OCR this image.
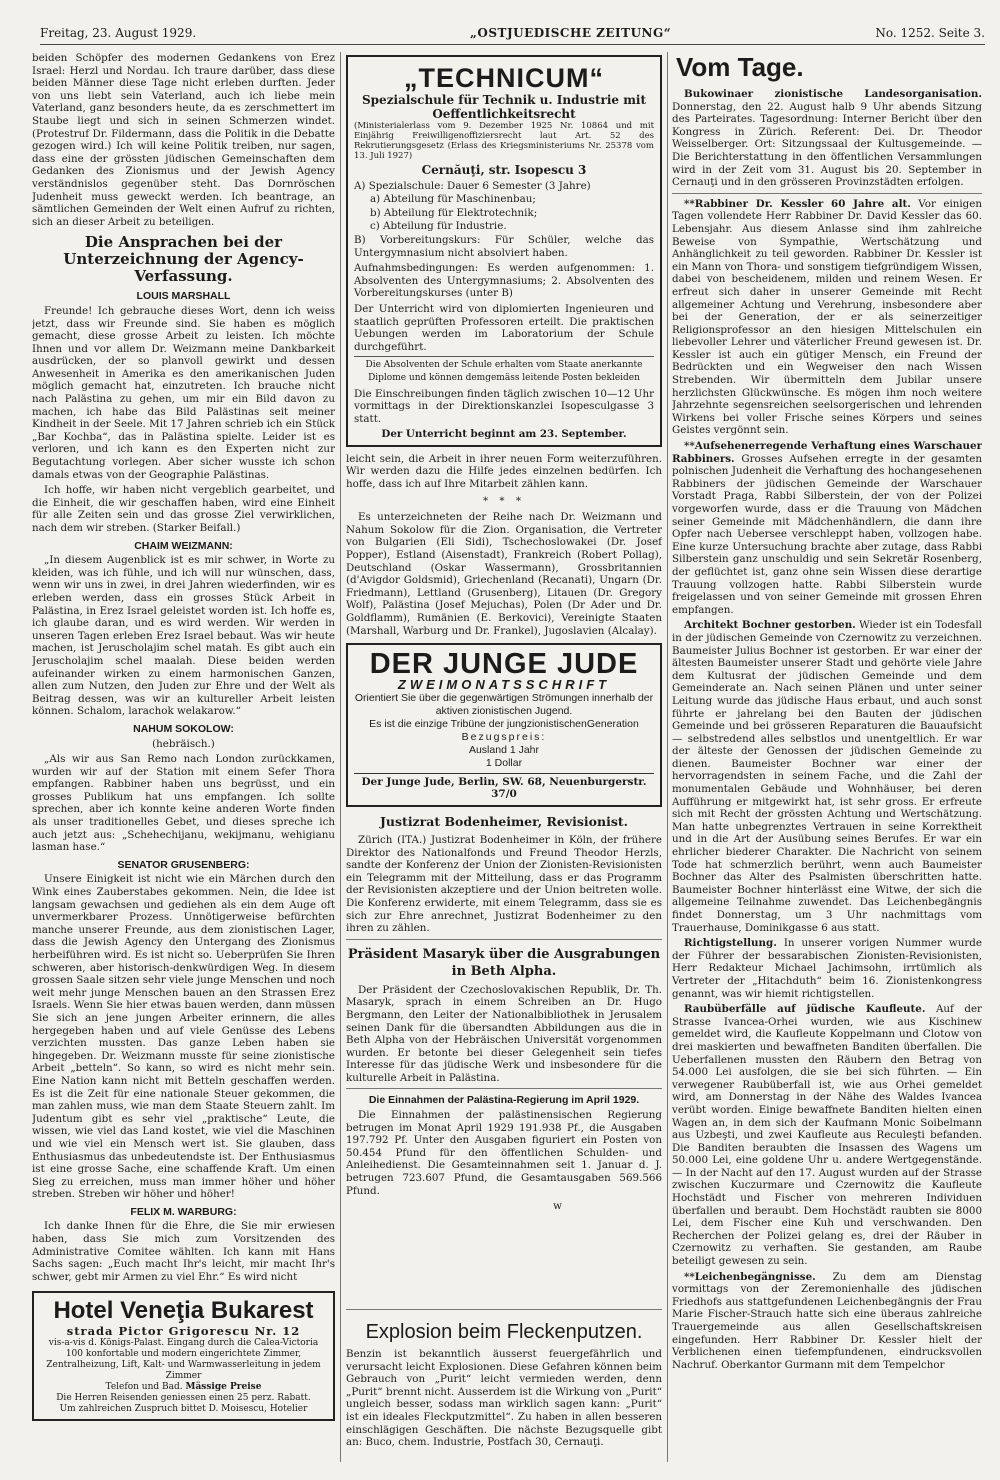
Freitag, 23. August 1929.	„OSTJUEDISCHE ZEITUNG“	No. 1252. Seite 3.

beiden Schöpfer des modernen Gedankens von Erez Israel: Herzl und Nordau. Ich traure darüber, dass diese beiden Männer diese Tage nicht erleben durften. Jeder von uns liebt sein Vaterland, auch ich liebe mein Vaterland, ganz besonders heute, da es zerschmettert im Staube liegt und sich in seinen Schmerzen windet. (Protestruf Dr. Fildermann, dass die Politik in die Debatte gezogen wird.) Ich will keine Politik treiben, nur sagen, dass eine der grössten jüdischen Gemeinschaften dem Gedanken des Zionismus und der Jewish Agency verständnislos gegenüber steht. Das Dornröschen Judenheit muss geweckt werden. Ich beantrage, an sämtlichen Gemeinden der Welt einen Aufruf zu richten, sich an dieser Arbeit zu beteiligen.

Die Ansprachen bei der Unterzeichnung der Agency-Verfassung.
LOUIS MARSHALL

Freunde! Ich gebrauche dieses Wort, denn ich weiss jetzt, dass wir Freunde sind. Sie haben es möglich gemacht, diese grosse Arbeit zu leisten. Ich möchte Ihnen und vor allem Dr. Weizmann meine Dankbarkeit ausdrücken, der so planvoll gewirkt und dessen Anwesenheit in Amerika es den amerikanischen Juden möglich gemacht hat, einzutreten. Ich brauche nicht nach Palästina zu gehen, um mir ein Bild davon zu machen, ich habe das Bild Palästinas seit meiner Kindheit in der Seele. Mit 17 Jahren schrieb ich ein Stück „Bar Kochba“, das in Palästina spielte. Leider ist es verloren, und ich kann es den Experten nicht zur Begutachtung vorlegen. Aber sicher wusste ich schon damals etwas von der Geographie Palästinas.

Ich hoffe, wir haben nicht vergeblich gearbeitet, und die Einheit, die wir geschaffen haben, wird eine Einheit für alle Zeiten sein und das grosse Ziel verwirklichen, nach dem wir streben. (Starker Beifall.)

CHAIM WEIZMANN:

„In diesem Augenblick ist es mir schwer, in Worte zu kleiden, was ich fühle, und ich will nur wünschen, dass, wenn wir uns in zwei, in drei Jahren wiederfinden, wir es erleben werden, dass ein grosses Stück Arbeit in Palästina, in Erez Israel geleistet worden ist. Ich hoffe es, ich glaube daran, und es wird werden. Wir werden in unseren Tagen erleben Erez Israel bebaut. Was wir heute machen, ist Jeruscholajim schel matah. Es gibt auch ein Jeruscholajim schel maalah. Diese beiden werden aufeinander wirken zu einem harmonischen Ganzen, allen zum Nutzen, den Juden zur Ehre und der Welt als Beitrag dessen, was wir an kultureller Arbeit leisten können. Schalom, larachok welakarow.“

NAHUM SOKOLOW:
(hebräisch.)

„Als wir aus San Remo nach London zurückkamen, wurden wir auf der Station mit einem Sefer Thora empfangen. Rabbiner haben uns begrüsst, und ein grosses Publikum hat uns empfangen. Ich sollte sprechen, aber ich konnte keine anderen Worte finden als unser traditionelles Gebet, und dieses spreche ich auch jetzt aus: „Schehechijanu, wekijmanu, wehigianu lasman hase.“

SENATOR GRUSENBERG:

Unsere Einigkeit ist nicht wie ein Märchen durch den Wink eines Zauberstabes gekommen. Nein, die Idee ist langsam gewachsen und gediehen als ein dem Auge oft unvermerkbarer Prozess. Unnötigerweise befürchten manche unserer Freunde, aus dem zionistischen Lager, dass die Jewish Agency den Untergang des Zionismus herbeiführen wird. Es ist nicht so. Ueberprüfen Sie Ihren schweren, aber historisch-denkwürdigen Weg. In diesem grossen Saale sitzen sehr viele junge Menschen und noch weit mehr junge Menschen bauen an den Strassen Erez Israels. Wenn Sie hier etwas bauen werden, dann müssen Sie sich an jene jungen Arbeiter erinnern, die alles hergegeben haben und auf viele Genüsse des Lebens verzichten mussten. Das ganze Leben haben sie hingegeben. Dr. Weizmann musste für seine zionistische Arbeit „betteln“. So kann, so wird es nicht mehr sein. Eine Nation kann nicht mit Betteln geschaffen werden. Es ist die Zeit für eine nationale Steuer gekommen, die man zahlen muss, wie man dem Staate Steuern zahlt. Im Judentum gibt es sehr viel „praktische“ Leute, die wissen, wie viel das Land kostet, wie viel die Maschinen und wie viel ein Mensch wert ist. Sie glauben, dass Enthusiasmus das unbedeutendste ist. Der Enthusiasmus ist eine grosse Sache, eine schaffende Kraft. Um einen Sieg zu erreichen, muss man immer höher und höher streben. Streben wir höher und höher!

FELIX M. WARBURG:

Ich danke Ihnen für die Ehre, die Sie mir erwiesen haben, dass Sie mich zum Vorsitzenden des Administrative Comitee wählten. Ich kann mit Hans Sachs sagen: „Euch macht Ihr's leicht, mir macht Ihr's schwer, gebt mir Armen zu viel Ehr.“ Es wird nicht

Hotel Veneţia Bukarest
strada Pictor Grigorescu Nr. 12
vis-a-vis d. Königs-Palast. Eingang durch die Calea-Victoria
100 konfortable und modern eingerichtete Zimmer, Zentralheizung, Lift, Kalt- und Warmwasserleitung in jedem Zimmer
Telefon und Bad. Mässige Preise
Die Herren Reisenden geniessen einen 25 perz. Rabatt.
Um zahlreichen Zuspruch bittet D. Moisescu, Hotelier
„TECHNICUM“
Spezialschule für Technik u. Industrie mit Oeffentlichkeitsrecht
(Ministerialerlass vom 9. Dezember 1925 Nr. 10864 und mit Einjährig Freiwilligenoffiziersrecht laut Art. 52 des Rekrutierungsgesetz (Erlass des Kriegsministeriums Nr. 25378 vom 13. Juli 1927)
Cernăuţi, str. Isopescu 3
A) Spezialschule: Dauer 6 Semester (3 Jahre)
a) Abteilung für Maschinenbau;
b) Abteilung für Elektrotechnik;
c) Abteilung für Industrie.
B) Vorbereitungskurs: Für Schüler, welche das Untergymnasium nicht absolviert haben.
Aufnahmsbedingungen: Es werden aufgenommen: 1. Absolventen des Untergymnasiums; 2. Absolventen des Vorbereitungskurses (unter B)
Der Unterricht wird von diplomierten Ingenieuren und staatlich geprüften Professoren erteilt. Die praktischen Uebungen werden im Laboratorium der Schule durchgeführt.
Die Absolventen der Schule erhalten vom Staate anerkannte Diplome und können demgemäss leitende Posten bekleiden
Die Einschreibungen finden täglich zwischen 10—12 Uhr vormittags in der Direktionskanzlei Isopesculgasse 3 statt.
Der Unterricht beginnt am 23. September.

leicht sein, die Arbeit in ihrer neuen Form weiterzuführen. Wir werden dazu die Hilfe jedes einzelnen bedürfen. Ich hoffe, dass ich auf Ihre Mitarbeit zählen kann.

* * *

Es unterzeichneten der Reihe nach Dr. Weizmann und Nahum Sokolow für die Zion. Organisation, die Vertreter von Bulgarien (Eli Sidi), Tschechoslowakei (Dr. Josef Popper), Estland (Aisenstadt), Frankreich (Robert Pollag), Deutschland (Oskar Wassermann), Grossbritannien (d'Avigdor Goldsmid), Griechenland (Recanati), Ungarn (Dr. Friedmann), Lettland (Grusenberg), Litauen (Dr. Gregory Wolf), Palästina (Josef Mejuchas), Polen (Dr Ader und Dr. Goldflamm), Rumänien (E. Berkovici), Vereinigte Staaten (Marshall, Warburg und Dr. Frankel), Jugoslavien (Alcalay).

DER JUNGE JUDE
ZWEIMONATSSCHRIFT
Orientiert Sie über die gegenwärtigen Strömungen innerhalb der aktiven zionistischen Jugend.
Es ist die einzige Tribüne der jungzionistischenGeneration
Bezugspreis:
Ausland 1 Jahr
1 Dollar
Der Junge Jude, Berlin, SW. 68, Neuenburgerstr. 37/0
Justizrat Bodenheimer, Revisionist.

Zürich (ITA.) Justizrat Bodenheimer in Köln, der frühere Direktor des Nationalfonds und Freund Theodor Herzls, sandte der Konferenz der Union der Zionisten-Revisionisten ein Telegramm mit der Mitteilung, dass er das Programm der Revisionisten akzeptiere und der Union beitreten wolle. Die Konferenz erwiderte, mit einem Telegramm, dass sie es sich zur Ehre anrechnet, Justizrat Bodenheimer zu den ihren zu zählen.

Präsident Masaryk über die Ausgrabungen in Beth Alpha.

Der Präsident der Czechoslovakischen Republik, Dr. Th. Masaryk, sprach in einem Schreiben an Dr. Hugo Bergmann, den Leiter der Nationalbibliothek in Jerusalem seinen Dank für die übersandten Abbildungen aus die in Beth Alpha von der Hebräischen Universität vorgenommen wurden. Er betonte bei dieser Gelegenheit sein tiefes Interesse für das jüdische Werk und insbesondere für die kulturelle Arbeit in Palästina.

Die Einnahmen der Palästina-Regierung im April 1929.

Die Einnahmen der palästinensischen Regierung betrugen im Monat April 1929 191.938 Pf., die Ausgaben 197.792 Pf. Unter den Ausgaben figuriert ein Posten von 50.454 Pfund für den öffentlichen Schulden- und Anleihedienst. Die Gesamteinnahmen seit 1. Januar d. J. betrugen 723.607 Pfund, die Gesamtausgaben 569.566 Pfund.

w
Explosion beim Fleckenputzen.

Benzin ist bekanntlich äusserst feuergefährlich und verursacht leicht Explosionen. Diese Gefahren können beim Gebrauch von „Purit“ leicht vermieden werden, denn „Purit“ brennt nicht. Ausserdem ist die Wirkung von „Purit“ ungleich besser, sodass man wirklich sagen kann: „Purit“ ist ein ideales Fleckputzmittel“. Zu haben in allen besseren einschlägigen Geschäften. Die nächste Bezugsquelle gibt an: Buco, chem. Industrie, Postfach 30, Cernauţi.

Vom Tage.

Bukowinaer zionistische Landesorganisation. Donnerstag, den 22. August halb 9 Uhr abends Sitzung des Parteirates. Tagesordnung: Interner Bericht über den Kongress in Zürich. Referent: Dei. Dr. Theodor Weisselberger. Ort: Sitzungssaal der Kultusgemeinde. — Die Berichterstattung in den öffentlichen Versammlungen wird in der Zeit vom 31. August bis 20. September in Cernauţi und in den grösseren Provinzstädten erfolgen.

**Rabbiner Dr. Kessler 60 Jahre alt. Vor einigen Tagen vollendete Herr Rabbiner Dr. David Kessler das 60. Lebensjahr. Aus diesem Anlasse sind ihm zahlreiche Beweise von Sympathie, Wertschätzung und Anhänglichkeit zu teil geworden. Rabbiner Dr. Kessler ist ein Mann von Thora- und sonstigem tiefgründigem Wissen, dabei von bescheidenem, milden und reinem Wesen. Er erfreut sich daher in unserer Gemeinde mit Recht allgemeiner Achtung und Verehrung, insbesondere aber bei der Generation, der er als seinerzeitiger Religionsprofessor an den hiesigen Mittelschulen ein liebevoller Lehrer und väterlicher Freund gewesen ist. Dr. Kessler ist auch ein gütiger Mensch, ein Freund der Bedrückten und ein Wegweiser den nach Wissen Strebenden. Wir übermitteln dem Jubilar unsere herzlichsten Glückwünsche. Es mögen ihm noch weitere Jahrzehnte segensreichen seelsorgerischen und lehrenden Wirkens bei voller Frische seines Körpers und seines Geistes vergönnt sein.

**Aufsehenerregende Verhaftung eines Warschauer Rabbiners. Grosses Aufsehen erregte in der gesamten polnischen Judenheit die Verhaftung des hochangesehenen Rabbiners der jüdischen Gemeinde der Warschauer Vorstadt Praga, Rabbi Silberstein, der von der Polizei vorgeworfen wurde, dass er die Trauung von Mädchen seiner Gemeinde mit Mädchenhändlern, die dann ihre Opfer nach Uebersee verschleppt haben, vollzogen habe. Eine kurze Untersuchung brachte aber zutage, dass Rabbi Silberstein ganz unschuldig und sein Sekretär Rosenberg, der geflüchtet ist, ganz ohne sein Wissen diese derartige Trauung vollzogen hatte. Rabbi Silberstein wurde freigelassen und von seiner Gemeinde mit grossen Ehren empfangen.

Architekt Bochner gestorben. Wieder ist ein Todesfall in der jüdischen Gemeinde von Czernowitz zu verzeichnen. Baumeister Julius Bochner ist gestorben. Er war einer der ältesten Baumeister unserer Stadt und gehörte viele Jahre dem Kultusrat der jüdischen Gemeinde und dem Gemeinderate an. Nach seinen Plänen und unter seiner Leitung wurde das jüdische Haus erbaut, und auch sonst führte er jahrelang bei den Bauten der jüdischen Gemeinde und bei grösseren Reparaturen die Bauaufsicht — selbstredend alles selbstlos und unentgeltlich. Er war der älteste der Genossen der jüdischen Gemeinde zu dienen. Baumeister Bochner war einer der hervorragendsten in seinem Fache, und die Zahl der monumentalen Gebäude und Wohnhäuser, bei deren Aufführung er mitgewirkt hat, ist sehr gross. Er erfreute sich mit Recht der grössten Achtung und Wertschätzung. Man hatte unbegrenztes Vertrauen in seine Korrektheit und in die Art der Ausübung seines Berufes. Er war ein ehrlicher biederer Charakter. Die Nachricht von seinem Tode hat schmerzlich berührt, wenn auch Baumeister Bochner das Alter des Psalmisten überschritten hatte. Baumeister Bochner hinterlässt eine Witwe, der sich die allgemeine Teilnahme zuwendet. Das Leichenbegängnis findet Donnerstag, um 3 Uhr nachmittags vom Trauerhause, Dominikgasse 6 aus statt.

Richtigstellung. In unserer vorigen Nummer wurde der Führer der bessarabischen Zionisten-Revisionisten, Herr Redakteur Michael Jachimsohn, irrtümlich als Vertreter der „Hitachduth“ beim 16. Zionistenkongress genannt, was wir hiemit richtigstellen.

Raubüberfälle auf jüdische Kaufleute. Auf der Strasse Ivancea-Orhei wurden, wie aus Kischinew gemeldet wird, die Kaufleute Koppelmann und Clotow von drei maskierten und bewaffneten Banditen überfallen. Die Ueberfallenen mussten den Räubern den Betrag von 54.000 Lei ausfolgen, die sie bei sich führten. — Ein verwegener Raubüberfall ist, wie aus Orhei gemeldet wird, am Donnerstag in der Nähe des Waldes Ivancea verübt worden. Einige bewaffnete Banditen hielten einen Wagen an, in dem sich der Kaufmann Monic Soibelmann aus Uzbeşti, und zwei Kaufleute aus Reculeşti befanden. Die Banditen beraubten die Insassen des Wagens um 50.000 Lei, eine goldene Uhr u. andere Wertgegenstände. — In der Nacht auf den 17. August wurden auf der Strasse zwischen Kuczurmare und Czernowitz die Kaufleute Hochstädt und Fischer von mehreren Individuen überfallen und beraubt. Dem Hochstädt raubten sie 8000 Lei, dem Fischer eine Kuh und verschwanden. Den Recherchen der Polizei gelang es, drei der Räuber in Czernowitz zu verhaften. Sie gestanden, am Raube beteiligt gewesen zu sein.

**Leichenbegängnisse. Zu dem am Dienstag vormittags von der Zeremonienhalle des jüdischen Friedhofs aus stattgefundenen Leichenbegängnis der Frau Marie Fischer-Strauch hatte sich eine überaus zahlreiche Trauergemeinde aus allen Gesellschaftskreisen eingefunden. Herr Rabbiner Dr. Kessler hielt der Verblichenen einen tiefempfundenen, eindrucksvollen Nachruf. Oberkantor Gurmann mit dem Tempelchor
